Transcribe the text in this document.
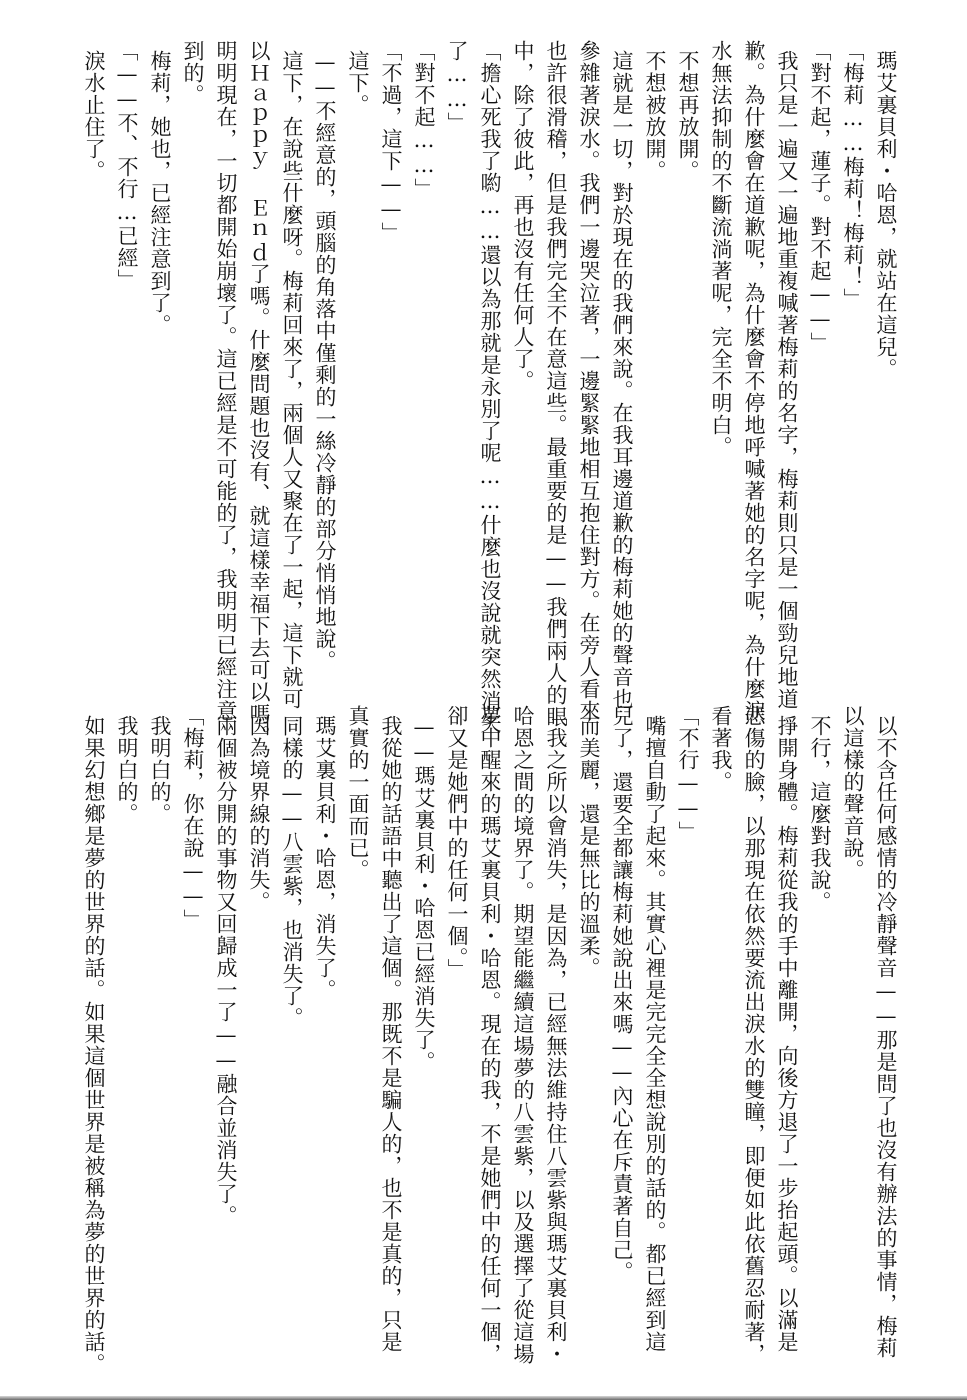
瑪艾裏貝利・哈恩，就站在這兒。
「梅莉……梅莉！梅莉！」
「對不起，蓮子。對不起——」
我只是一遍又一遍地重複喊著梅莉的名字，梅莉則只是一個勁兒地道
歉。為什麼會在道歉呢，為什麼會不停地呼喊著她的名字呢，為什麼淚
水無法抑制的不斷流淌著呢，完全不明白。
不想再放開。
不想被放開。
這就是一切，對於現在的我們來說。在我耳邊道歉的梅莉她的聲音也
參雜著淚水。我們一邊哭泣著，一邊緊緊地相互抱住對方。在旁人看來
也許很滑稽，但是我們完全不在意這些。最重要的是——我們兩人的眼
中，除了彼此，再也沒有任何人了。
「擔心死我了喲……還以為那就是永別了呢……什麼也沒說就突然消失
了……」
「對不起……」
「不過，這下——」
這下。
——不經意的，頭腦的角落中僅剩的一絲冷靜的部分悄悄地說。
這下，在說些什麼呀。梅莉回來了，兩個人又聚在了一起，這下就可
以Ｈａｐｐｙ Ｅｎｄ了嗎。什麼問題也沒有、就這樣幸福下去可以嗎。
明明現在，一切都開始崩壞了。這已經是不可能的了，我明明已經注意
到的。
梅莉，她也，已經注意到了。
「——不、不行…已經」
淚水止住了。
以不含任何感情的冷靜聲音——那是問了也沒有辦法的事情，梅莉
以這樣的聲音說。
不行，這麼對我說。
掙開身體。梅莉從我的手中離開，向後方退了一步抬起頭。以滿是
悲傷的臉，以那現在依然要流出淚水的雙瞳，即便如此依舊忍耐著，
看著我。
「不行——」
嘴擅自動了起來。其實心裡是完完全全想說別的話的。都已經到這
兒了，還要全都讓梅莉她說出來嗎——內心在斥責著自己。
而美麗，還是無比的溫柔。
「我之所以會消失，是因為，已經無法維持住八雲紫與瑪艾裏貝利・
哈恩之間的境界了。期望能繼續這場夢的八雲紫，以及選擇了從這場
夢中醒來的瑪艾裏貝利・哈恩。現在的我，不是她們中的任何一個，
卻又是她們中的任何一個。」
——瑪艾裏貝利・哈恩已經消失了。
我從她的話語中聽出了這個。那既不是騙人的，也不是真的，只是
真實的一面而已。
瑪艾裏貝利・哈恩，消失了。
同樣的——八雲紫，也消失了。
因為境界線的消失。
兩個被分開的事物又回歸成一了——融合並消失了。
「梅莉，你在說——」
我明白的。
我明白的。
如果幻想鄉是夢的世界的話。如果這個世界是被稱為夢的世界的話。
